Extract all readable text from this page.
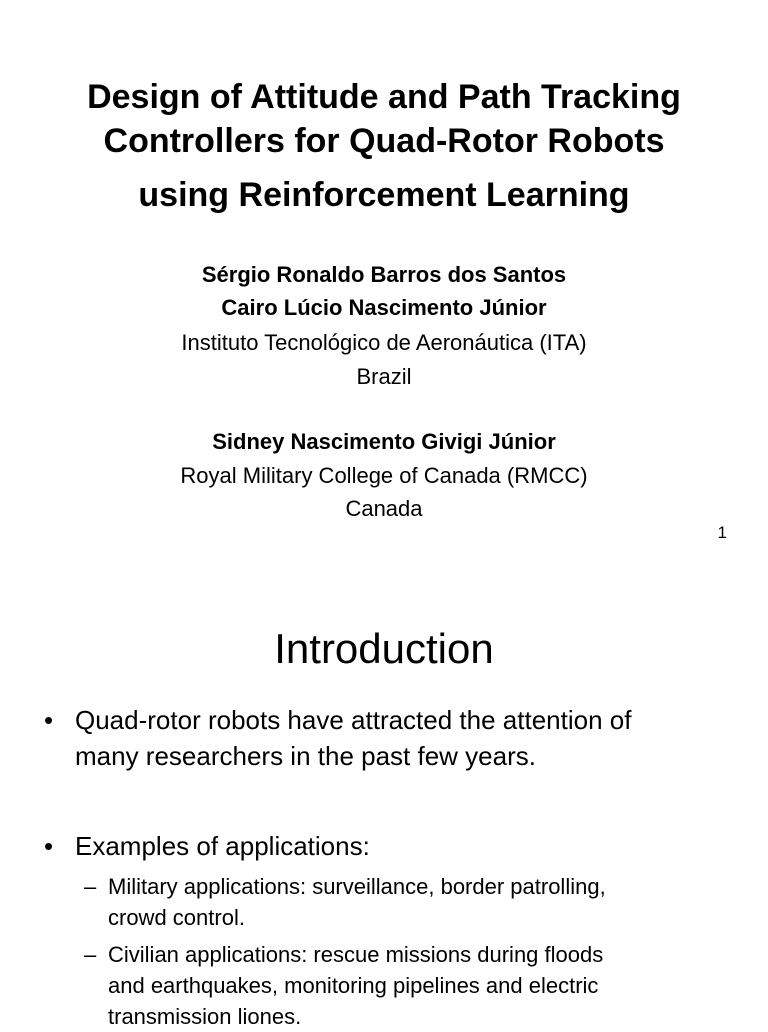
Design of Attitude and Path Tracking
Controllers for Quad-Rotor Robots
using Reinforcement Learning
Sérgio Ronaldo Barros dos Santos
Cairo Lúcio Nascimento Júnior
Instituto Tecnológico de Aeronáutica (ITA)
Brazil
Sidney Nascimento Givigi Júnior
Royal Military College of Canada (RMCC)
Canada
1
Introduction
• Quad-rotor robots have attracted the attention of
many researchers in the past few years.
• Examples of applications:
– Military applications: surveillance, border patrolling,
crowd control.
– Civilian applications: rescue missions during floods
and earthquakes, monitoring pipelines and electric
transmission liones.
